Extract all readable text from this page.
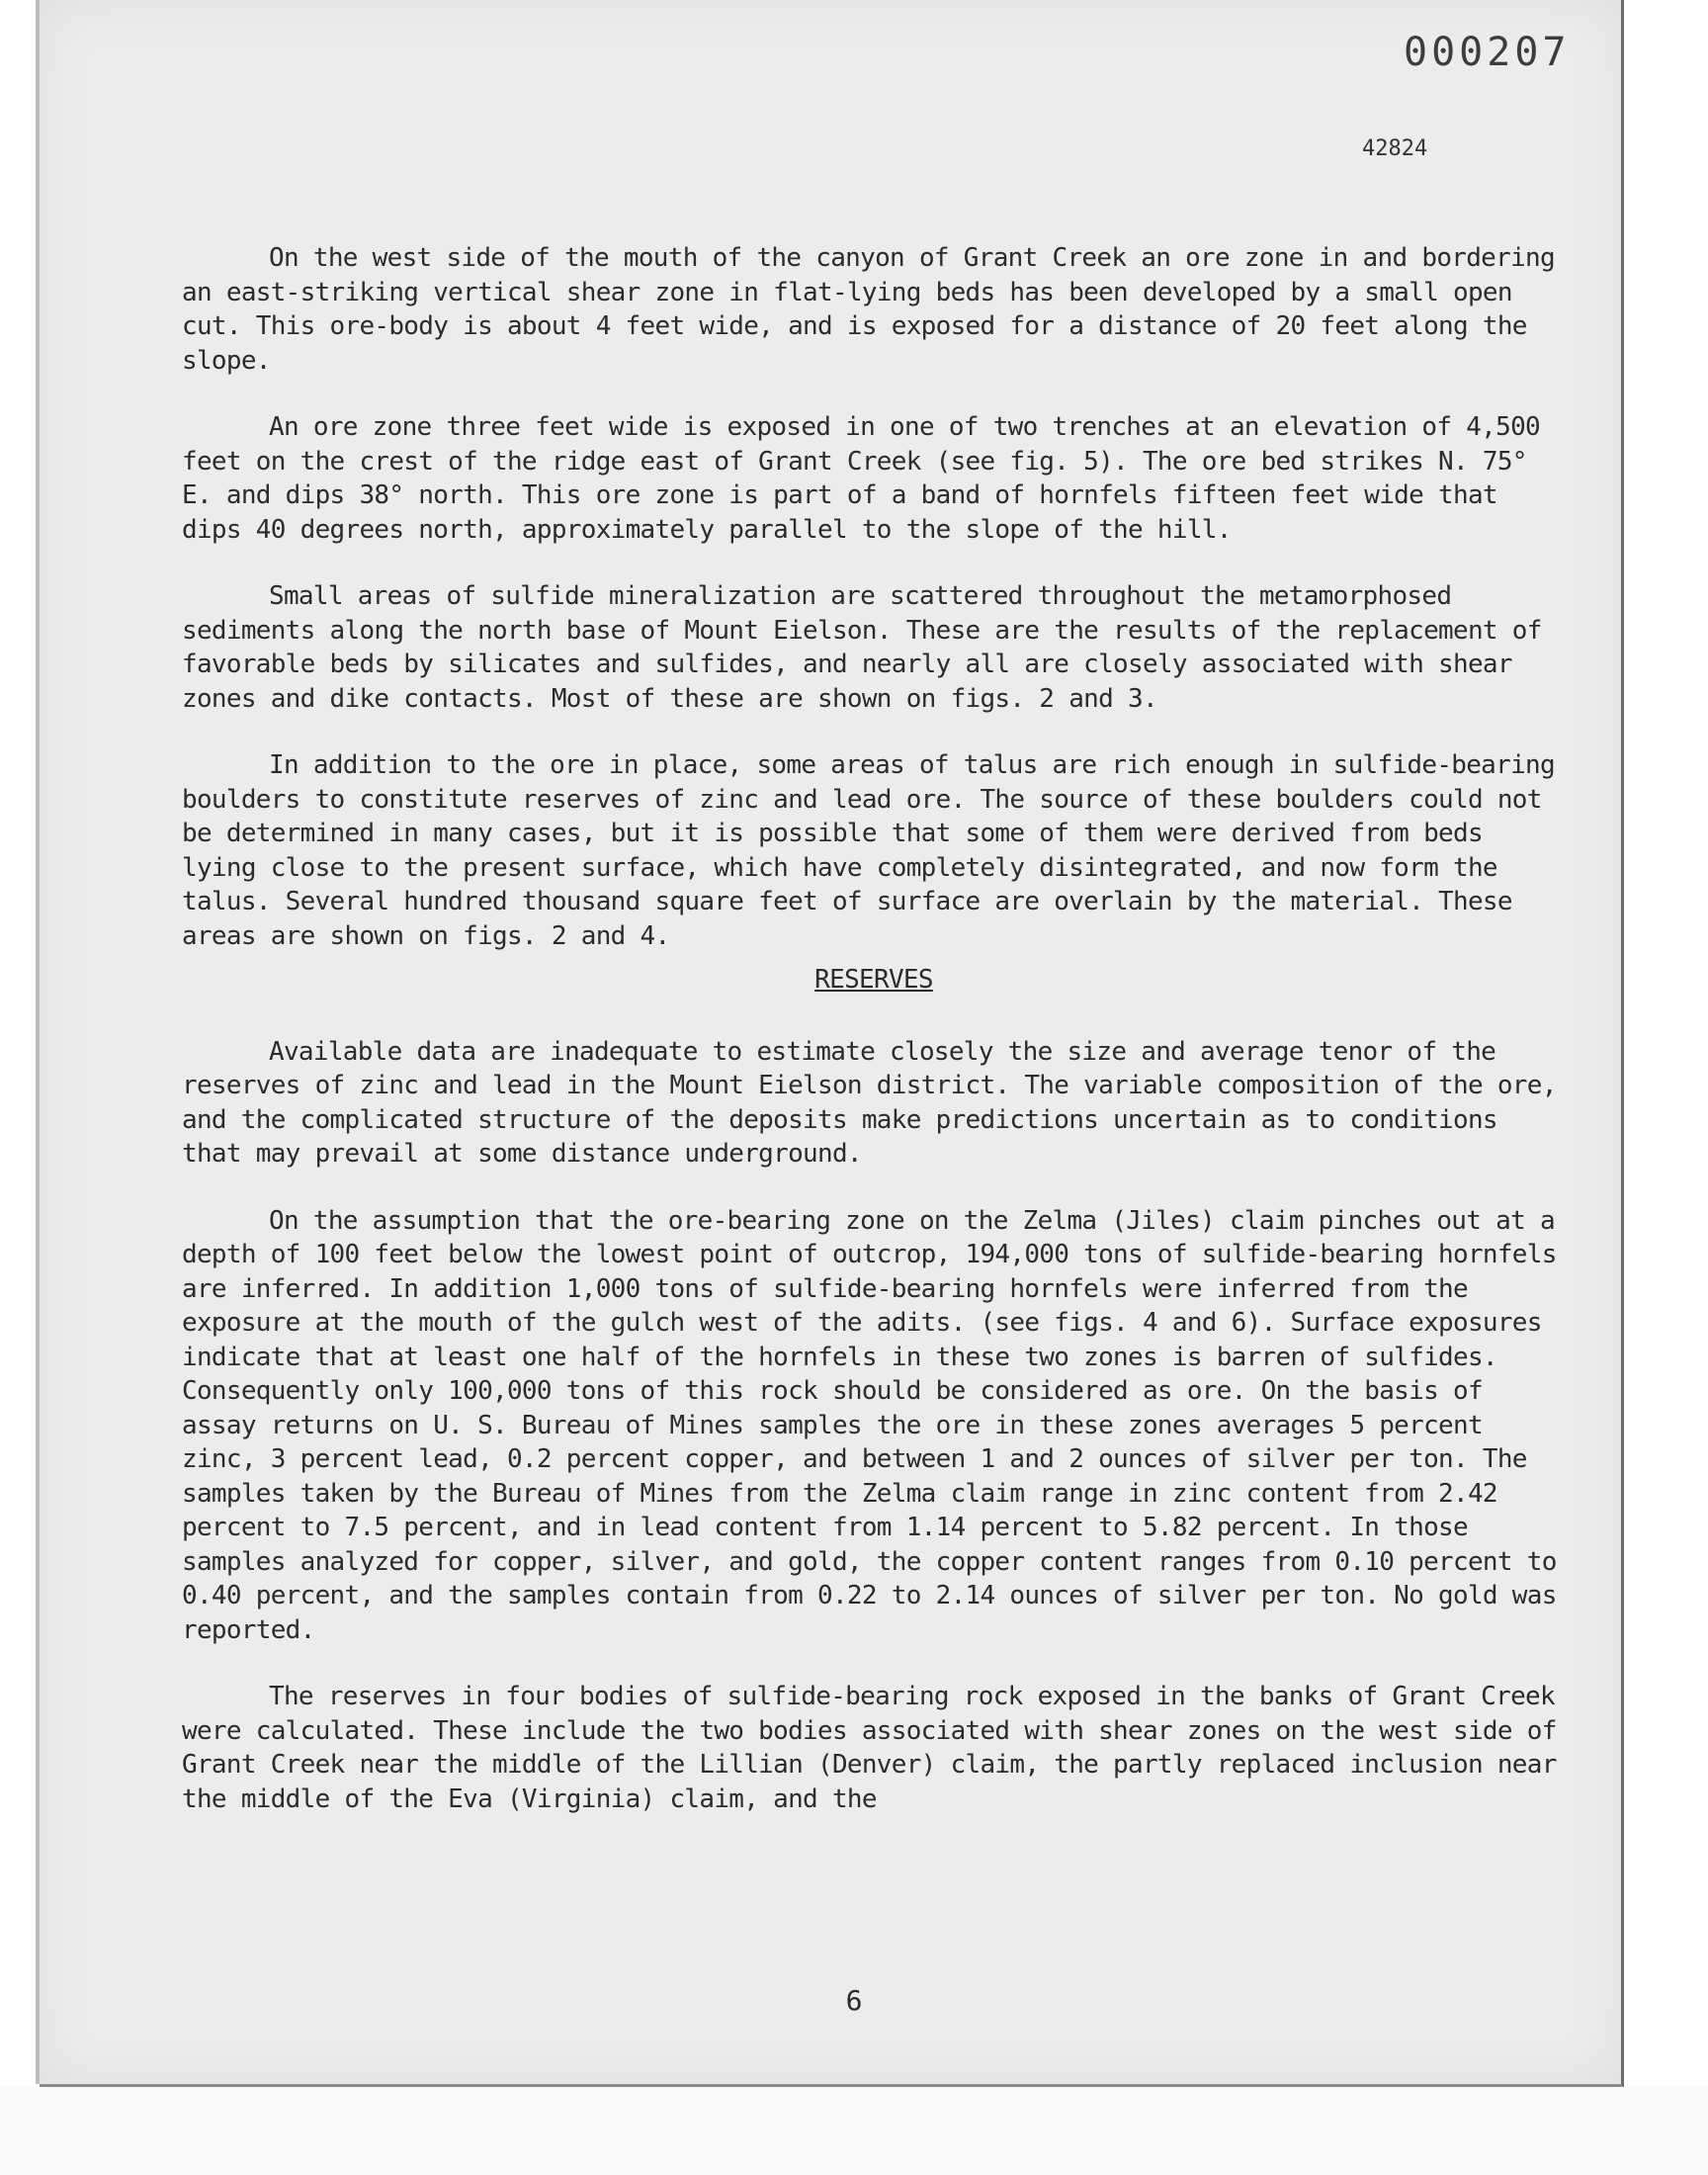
000207
42824

On the west side of the mouth of the canyon of Grant Creek an ore zone in and bordering an east-striking vertical shear zone in flat-lying beds has been developed by a small open cut. This ore-body is about 4 feet wide, and is exposed for a distance of 20 feet along the slope.

An ore zone three feet wide is exposed in one of two trenches at an elevation of 4,500 feet on the crest of the ridge east of Grant Creek (see fig. 5). The ore bed strikes N. 75° E. and dips 38° north. This ore zone is part of a band of hornfels fifteen feet wide that dips 40 degrees north, approximately parallel to the slope of the hill.

Small areas of sulfide mineralization are scattered throughout the metamorphosed sediments along the north base of Mount Eielson. These are the results of the replacement of favorable beds by silicates and sulfides, and nearly all are closely associated with shear zones and dike contacts. Most of these are shown on figs. 2 and 3.

In addition to the ore in place, some areas of talus are rich enough in sulfide-bearing boulders to constitute reserves of zinc and lead ore. The source of these boulders could not be determined in many cases, but it is possible that some of them were derived from beds lying close to the present surface, which have completely disintegrated, and now form the talus. Several hundred thousand square feet of surface are overlain by the material. These areas are shown on figs. 2 and 4.

RESERVES

Available data are inadequate to estimate closely the size and average tenor of the reserves of zinc and lead in the Mount Eielson district. The variable composition of the ore, and the complicated structure of the deposits make predictions uncertain as to conditions that may prevail at some distance underground.

On the assumption that the ore-bearing zone on the Zelma (Jiles) claim pinches out at a depth of 100 feet below the lowest point of outcrop, 194,000 tons of sulfide-bearing hornfels are inferred. In addition 1,000 tons of sulfide-bearing hornfels were inferred from the exposure at the mouth of the gulch west of the adits. (see figs. 4 and 6). Surface exposures indicate that at least one half of the hornfels in these two zones is barren of sulfides. Consequently only 100,000 tons of this rock should be considered as ore. On the basis of assay returns on U. S. Bureau of Mines samples the ore in these zones averages 5 percent zinc, 3 percent lead, 0.2 percent copper, and between 1 and 2 ounces of silver per ton. The samples taken by the Bureau of Mines from the Zelma claim range in zinc content from 2.42 percent to 7.5 percent, and in lead content from 1.14 percent to 5.82 percent. In those samples analyzed for copper, silver, and gold, the copper content ranges from 0.10 percent to 0.40 percent, and the samples contain from 0.22 to 2.14 ounces of silver per ton. No gold was reported.

The reserves in four bodies of sulfide-bearing rock exposed in the banks of Grant Creek were calculated. These include the two bodies associated with shear zones on the west side of Grant Creek near the middle of the Lillian (Denver) claim, the partly replaced inclusion near the middle of the Eva (Virginia) claim, and the

6
